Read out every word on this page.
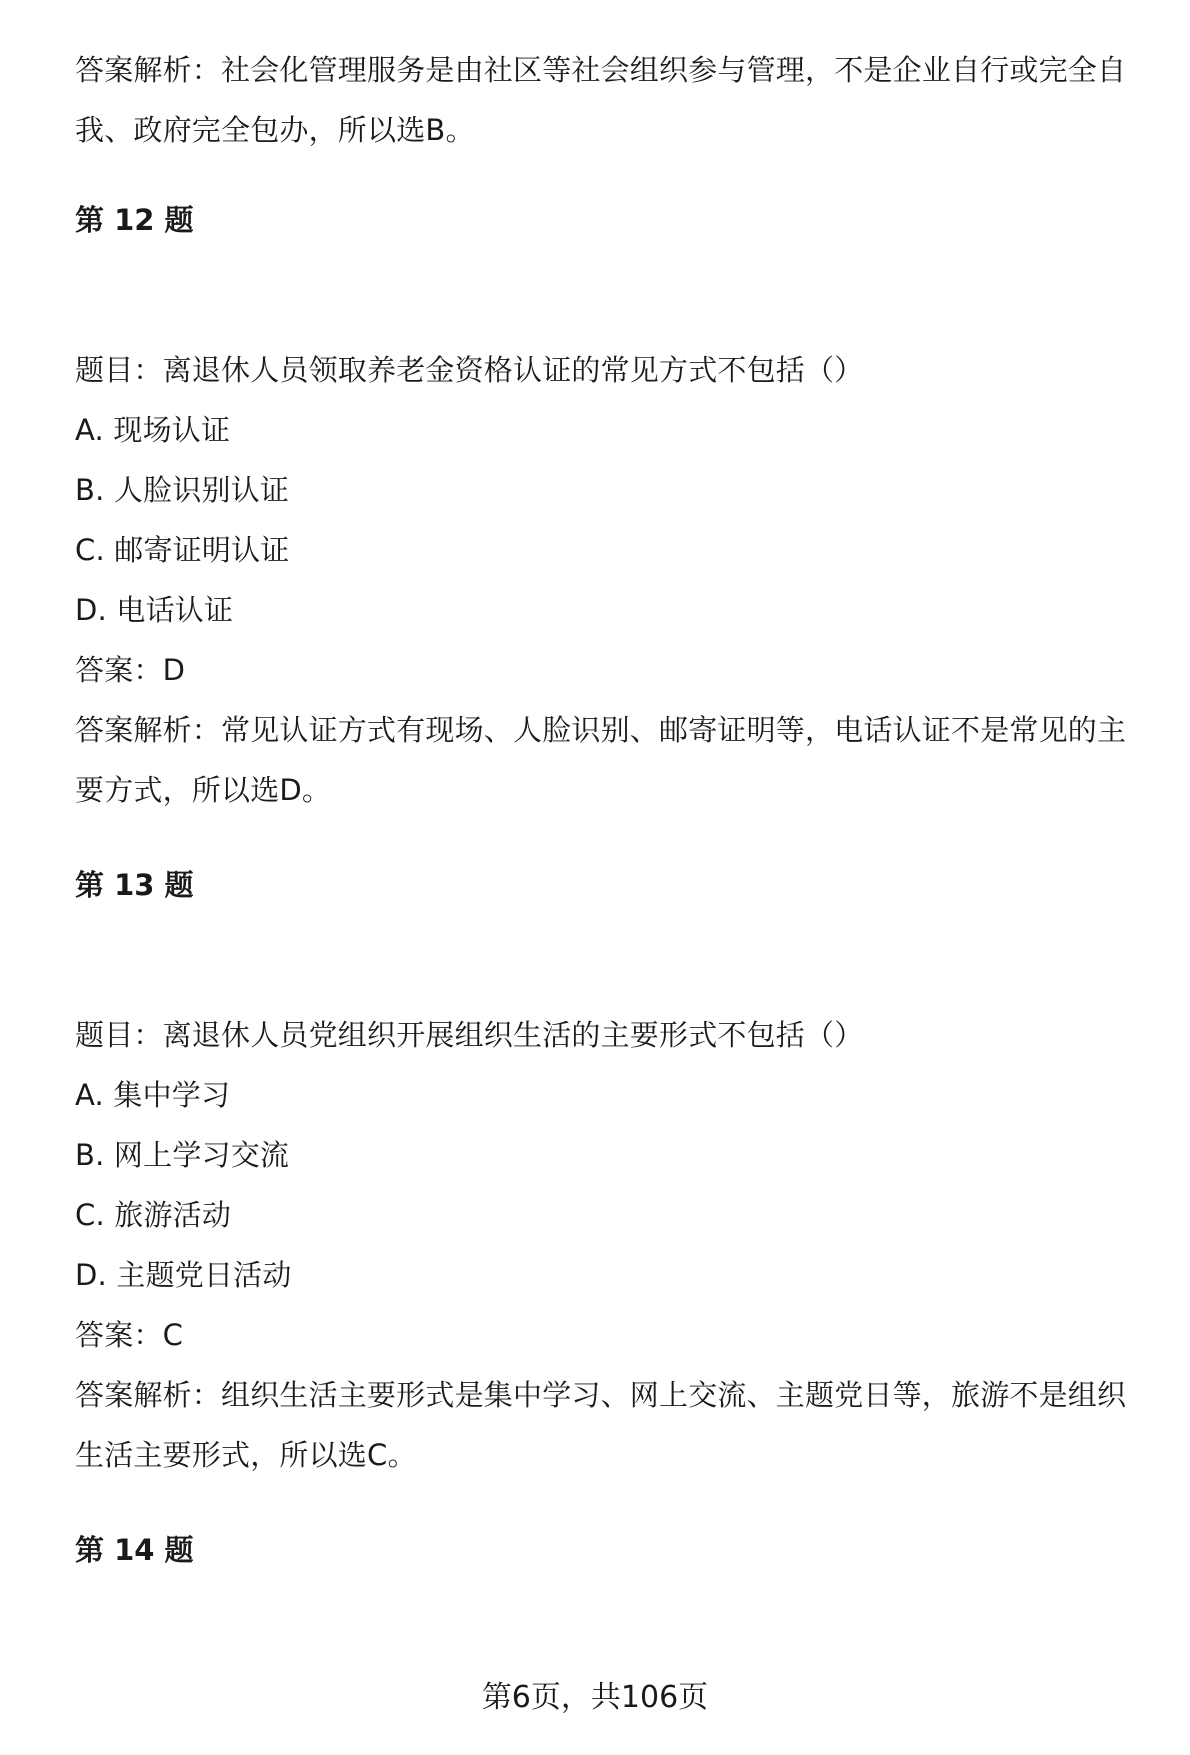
答案解析：社会化管理服务是由社区等社会组织参与管理，不是企业自行或完全自
我、政府完全包办，所以选B。
第 12 题
题目：离退休人员领取养老金资格认证的常见方式不包括（）
A. 现场认证
B. 人脸识别认证
C. 邮寄证明认证
D. 电话认证
答案：D
答案解析：常见认证方式有现场、人脸识别、邮寄证明等，电话认证不是常见的主
要方式，所以选D。
第 13 题
题目：离退休人员党组织开展组织生活的主要形式不包括（）
A. 集中学习
B. 网上学习交流
C. 旅游活动
D. 主题党日活动
答案：C
答案解析：组织生活主要形式是集中学习、网上交流、主题党日等，旅游不是组织
生活主要形式，所以选C。
第 14 题
第6页，共106页
